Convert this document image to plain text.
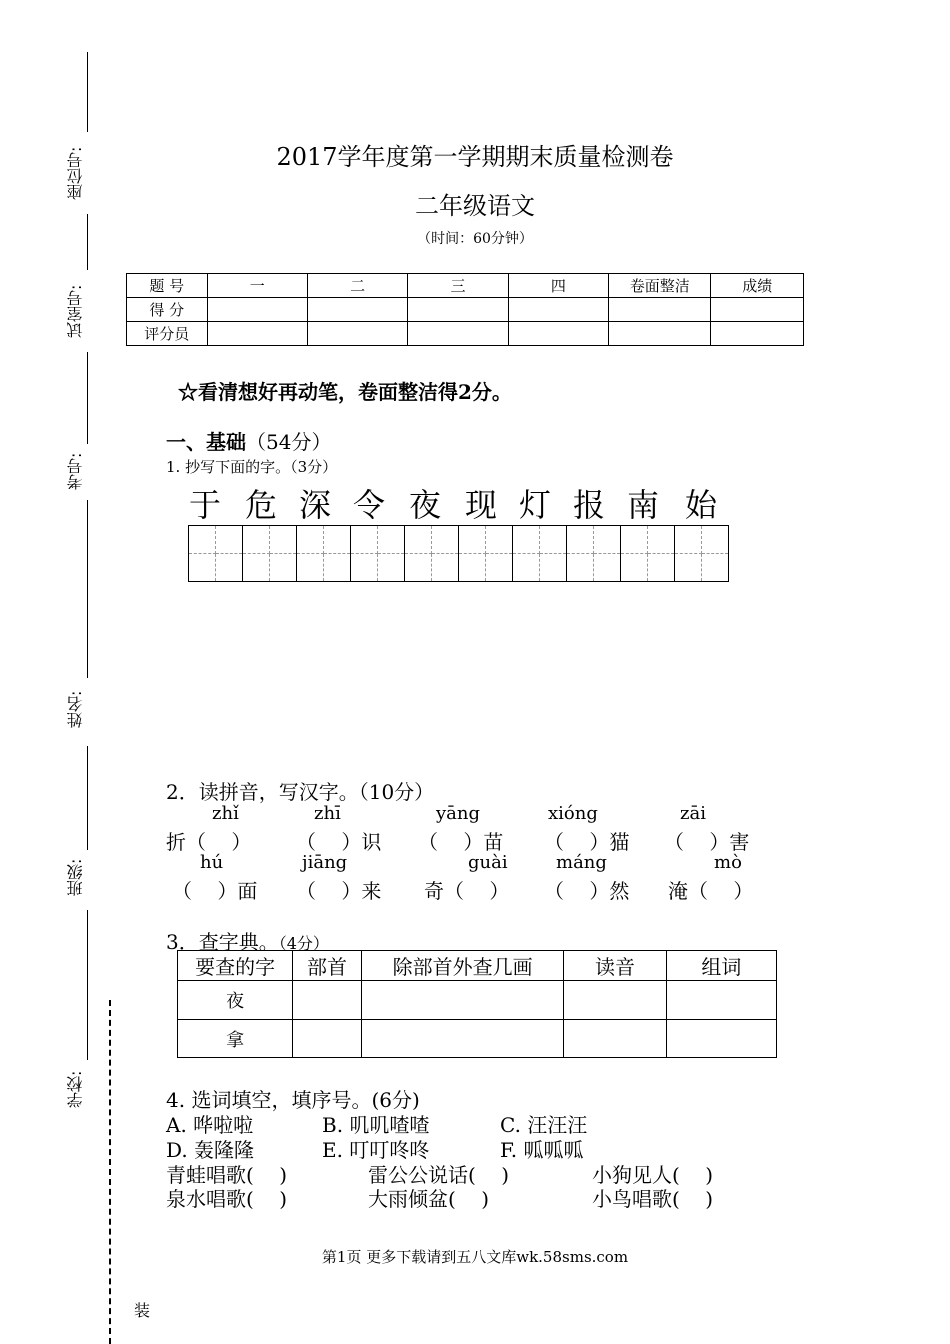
座位号:
试室号:
考号:
姓名:
班级:
学校:
装
2017学年度第一学期期末质量检测卷
二年级语文
（时间：60分钟）
题 号	一	二	三	四	卷面整洁	成绩
得 分						
评分员						
☆看清想好再动笔，卷面整洁得2分。
一、基础（54分）
1. 抄写下面的字。（3分）
于 危 深 令 夜 现 灯 报 南 始

2．读拼音，写汉字。（10分）
zhǐ	zhī	yāng	xióng	zāi
折（    ） （    ）识 （    ）苗 （    ）猫 （    ）害
hú	jiāng	guài	máng	mò
（    ）面 （    ）来 奇（    ） （    ）然 淹（    ）
3．查字典。（4分）
要查的字	部首	除部首外查几画	读音	组词
夜				
拿				
4. 选词填空，填序号。(6分)
A. 哗啦啦	B. 叽叽喳喳	C. 汪汪汪
D. 轰隆隆	E. 叮叮咚咚	F. 呱呱呱
青蛙唱歌(    )	雷公公说话(    )	小狗见人(    )
泉水唱歌(    )	大雨倾盆(    )	小鸟唱歌(    )
第1页 更多下载请到五八文库wk.58sms.com
